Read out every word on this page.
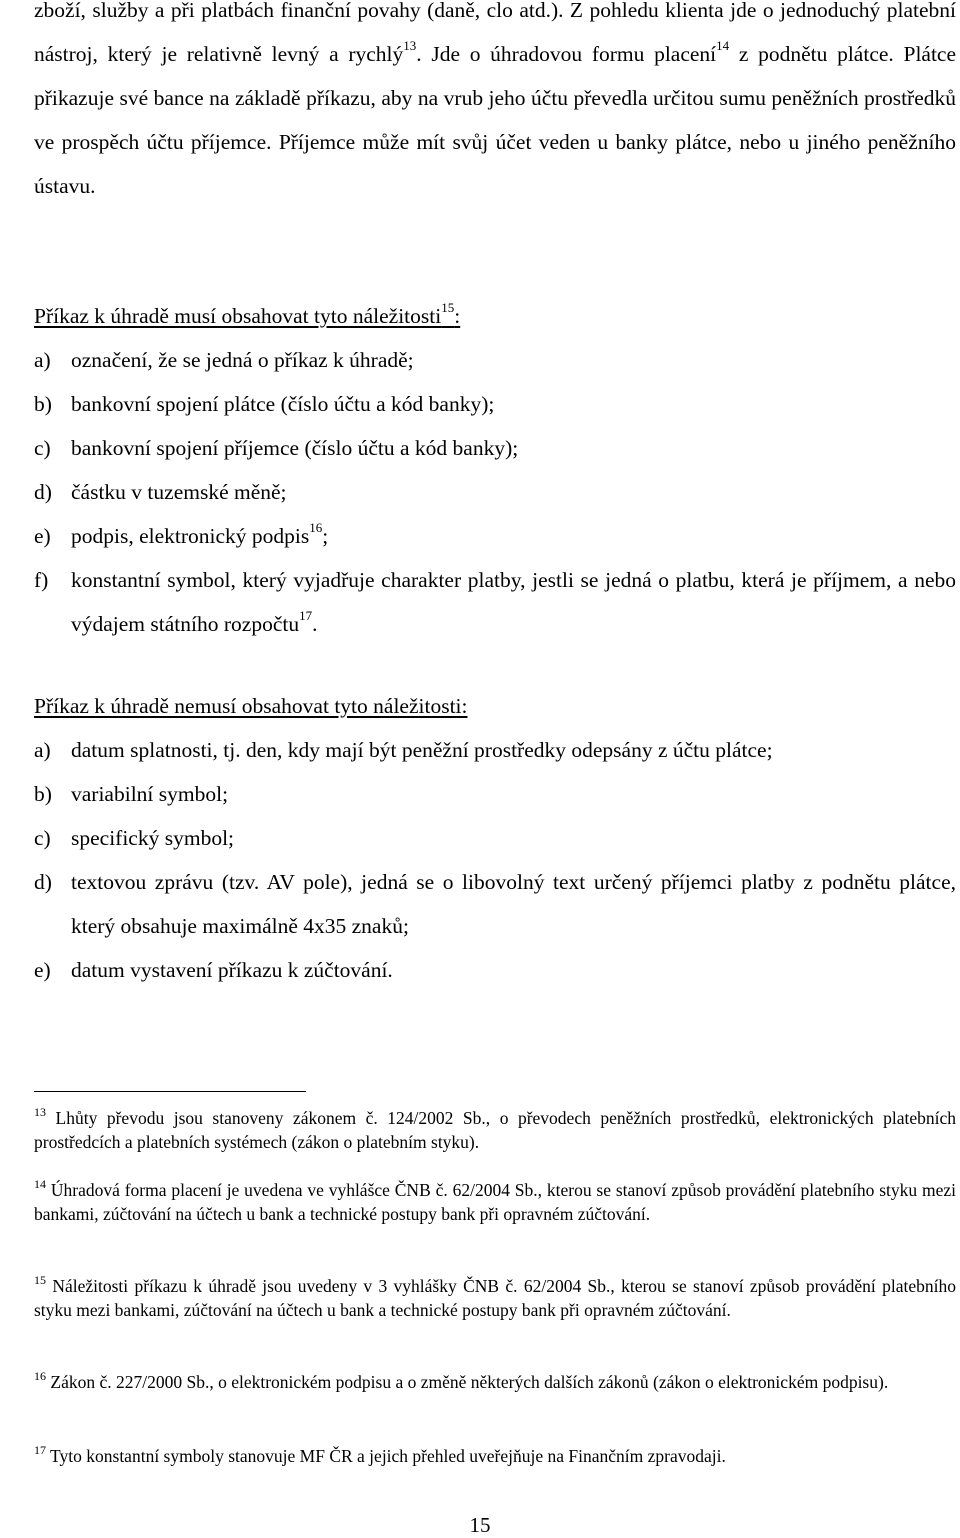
zboží, služby a při platbách finanční povahy (daně, clo atd.). Z pohledu klienta jde o jednoduchý platební nástroj, který je relativně levný a rychlý$^{13}$. Jde o úhradovou formu placení$^{14}$ z podnětu plátce. Plátce přikazuje své bance na základě příkazu, aby na vrub jeho účtu převedla určitou sumu peněžních prostředků ve prospěch účtu příjemce. Příjemce může mít svůj účet veden u banky plátce, nebo u jiného peněžního ústavu.

Příkaz k úhradě musí obsahovat tyto náležitosti$^{15}$:

a) označení, že se jedná o příkaz k úhradě;
b) bankovní spojení plátce (číslo účtu a kód banky);
c) bankovní spojení příjemce (číslo účtu a kód banky);
d) částku v tuzemské měně;
e) podpis, elektronický podpis$^{16}$;
f)	konstantní symbol, který vyjadřuje charakter platby, jestli se jedná o platbu, která je příjmem, a nebo výdajem státního rozpočtu$^{17}$.

Příkaz k úhradě nemusí obsahovat tyto náležitosti:

a) datum splatnosti, tj. den, kdy mají být peněžní prostředky odepsány z účtu plátce;
b) variabilní symbol;
c) specifický symbol;
d) textovou zprávu (tzv. AV pole), jedná se o libovolný text určený příjemci platby z podnětu plátce, který obsahuje maximálně 4x35 znaků;
e) datum vystavení příkazu k zúčtování.

$^{13}$ Lhůty převodu jsou stanoveny zákonem č. 124/2002 Sb., o převodech peněžních prostředků, elektronických platebních prostředcích a platebních systémech (zákon o platebním styku).

$^{14}$ Úhradová forma placení je uvedena ve vyhlášce ČNB č. 62/2004 Sb., kterou se stanoví způsob provádění platebního styku mezi bankami, zúčtování na účtech u bank a technické postupy bank při opravném zúčtování.

$^{15}$ Náležitosti příkazu k úhradě jsou uvedeny v 3 vyhlášky ČNB č. 62/2004 Sb., kterou se stanoví způsob provádění platebního styku mezi bankami, zúčtování na účtech u bank a technické postupy bank při opravném zúčtování.

$^{16}$ Zákon č. 227/2000 Sb., o elektronickém podpisu a o změně některých dalších zákonů (zákon o elektronickém podpisu).

$^{17}$ Tyto konstantní symboly stanovuje MF ČR a jejich přehled uveřejňuje na Finančním zpravodaji.

15
